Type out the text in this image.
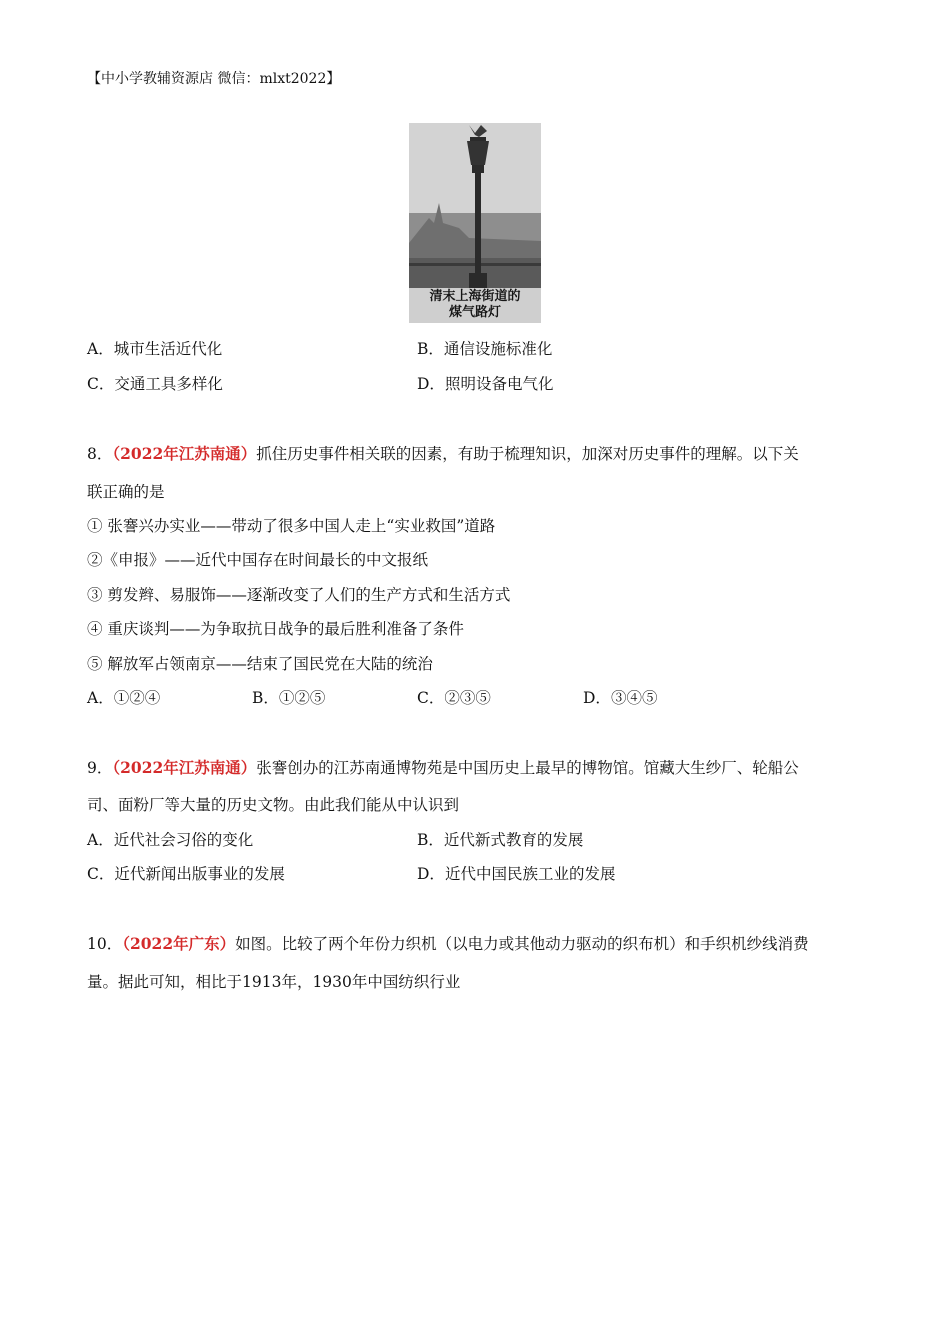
【中小学教辅资源店 微信：mlxt2022】
清末上海街道的
煤气路灯
A．城市生活近代化	B．通信设施标准化
C．交通工具多样化	D．照明设备电气化
8．（2022年江苏南通）抓住历史事件相关联的因素，有助于梳理知识，加深对历史事件的理解。以下关
联正确的是
① 张謇兴办实业——带动了很多中国人走上“实业救国”道路
②《申报》——近代中国存在时间最长的中文报纸
③ 剪发辫、易服饰——逐渐改变了人们的生产方式和生活方式
④ 重庆谈判——为争取抗日战争的最后胜利准备了条件
⑤ 解放军占领南京——结束了国民党在大陆的统治
A．①②④	B．①②⑤	C．②③⑤	D．③④⑤
9．（2022年江苏南通）张謇创办的江苏南通博物苑是中国历史上最早的博物馆。馆藏大生纱厂、轮船公
司、面粉厂等大量的历史文物。由此我们能从中认识到
A．近代社会习俗的变化	B．近代新式教育的发展
C．近代新闻出版事业的发展	D．近代中国民族工业的发展
10．（2022年广东）如图。比较了两个年份力织机（以电力或其他动力驱动的织布机）和手织机纱线消费
量。据此可知，相比于1913年，1930年中国纺织行业
